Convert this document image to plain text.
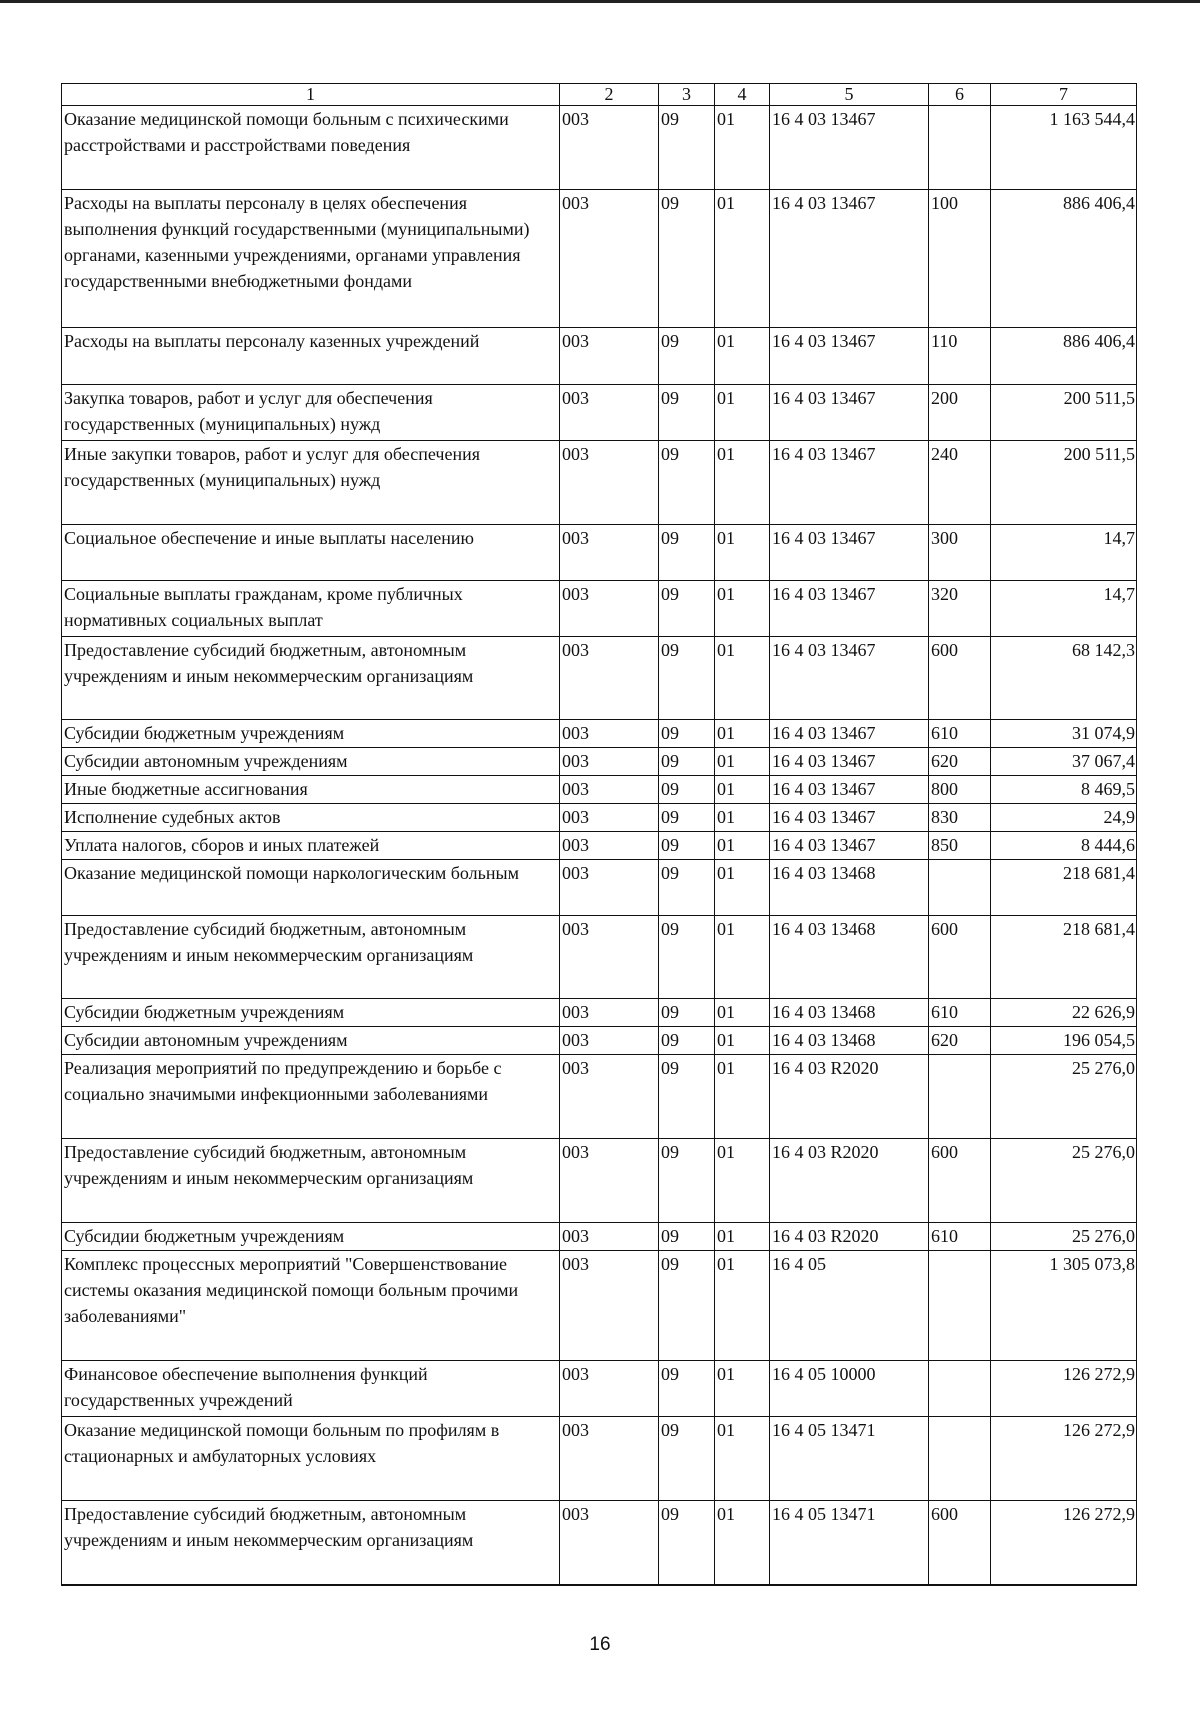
1	2	3	4	5	6	7
Оказание медицинской помощи больным с психическими расстройствами и расстройствами поведения	003	09	01	16 4 03 13467		1 163 544,4
Расходы на выплаты персоналу в целях обеспечения выполнения функций государственными (муниципальными) органами, казенными учреждениями, органами управления государственными внебюджетными фондами	003	09	01	16 4 03 13467	100	886 406,4
Расходы на выплаты персоналу казенных учреждений	003	09	01	16 4 03 13467	110	886 406,4
Закупка товаров, работ и услуг для обеспечения государственных (муниципальных) нужд	003	09	01	16 4 03 13467	200	200 511,5
Иные закупки товаров, работ и услуг для обеспечения государственных (муниципальных) нужд	003	09	01	16 4 03 13467	240	200 511,5
Социальное обеспечение и иные выплаты населению	003	09	01	16 4 03 13467	300	14,7
Социальные выплаты гражданам, кроме публичных нормативных социальных выплат	003	09	01	16 4 03 13467	320	14,7
Предоставление субсидий бюджетным, автономным учреждениям и иным некоммерческим организациям	003	09	01	16 4 03 13467	600	68 142,3
Субсидии бюджетным учреждениям	003	09	01	16 4 03 13467	610	31 074,9
Субсидии автономным учреждениям	003	09	01	16 4 03 13467	620	37 067,4
Иные бюджетные ассигнования	003	09	01	16 4 03 13467	800	8 469,5
Исполнение судебных актов	003	09	01	16 4 03 13467	830	24,9
Уплата налогов, сборов и иных платежей	003	09	01	16 4 03 13467	850	8 444,6
Оказание медицинской помощи наркологическим больным	003	09	01	16 4 03 13468		218 681,4
Предоставление субсидий бюджетным, автономным учреждениям и иным некоммерческим организациям	003	09	01	16 4 03 13468	600	218 681,4
Субсидии бюджетным учреждениям	003	09	01	16 4 03 13468	610	22 626,9
Субсидии автономным учреждениям	003	09	01	16 4 03 13468	620	196 054,5
Реализация мероприятий по предупреждению и борьбе с социально значимыми инфекционными заболеваниями	003	09	01	16 4 03 R2020		25 276,0
Предоставление субсидий бюджетным, автономным учреждениям и иным некоммерческим организациям	003	09	01	16 4 03 R2020	600	25 276,0
Субсидии бюджетным учреждениям	003	09	01	16 4 03 R2020	610	25 276,0
Комплекс процессных мероприятий "Совершенствование системы оказания медицинской помощи больным прочими заболеваниями"	003	09	01	16 4 05		1 305 073,8
Финансовое обеспечение выполнения функций государственных учреждений	003	09	01	16 4 05 10000		126 272,9
Оказание медицинской помощи больным по профилям в стационарных и амбулаторных условиях	003	09	01	16 4 05 13471		126 272,9
Предоставление субсидий бюджетным, автономным учреждениям и иным некоммерческим организациям	003	09	01	16 4 05 13471	600	126 272,9
16
